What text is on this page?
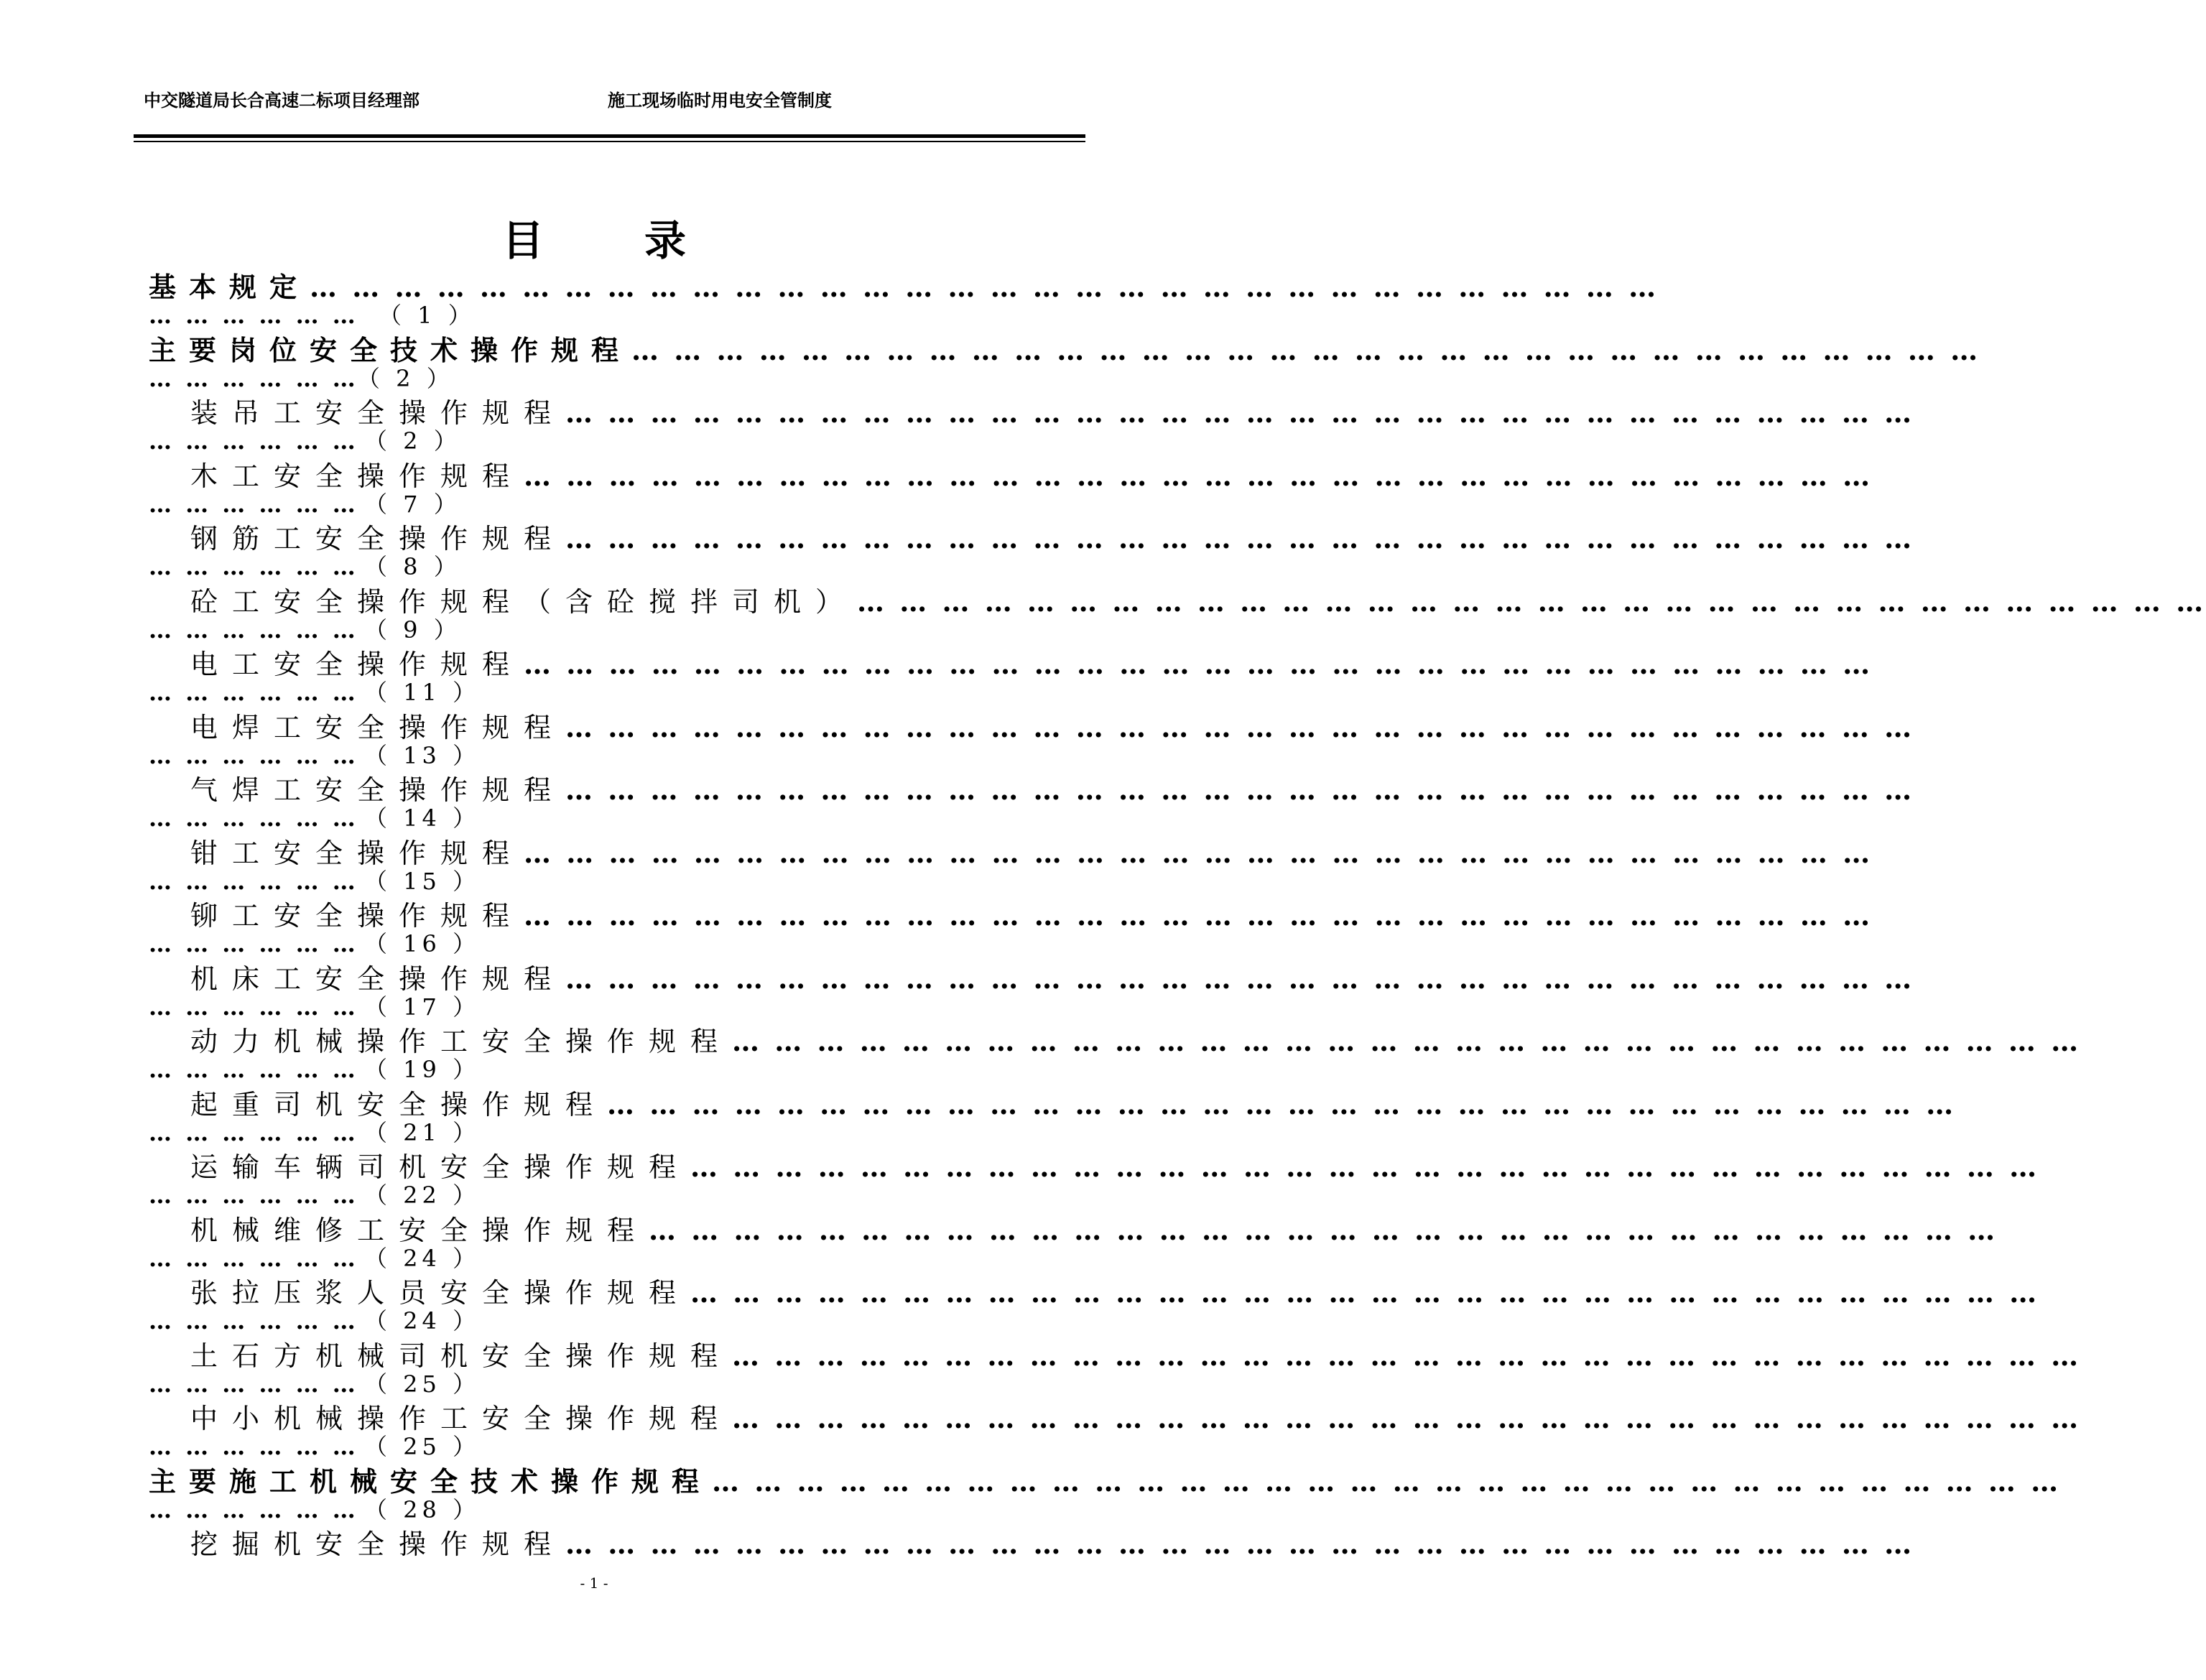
中交隧道局长合高速二标项目经理部	施工现场临时用电安全管制度
目录
基本规定… … … … … … … … … … … … … … … … … … … … … … … … … … … … … … … …
… … … … … … （ 1 ）
主要岗位安全技术操作规程… … … … … … … … … … … … … … … … … … … … … … … … … … … … … … … …
… … … … … …（ 2 ）
装吊工安全操作规程… … … … … … … … … … … … … … … … … … … … … … … … … … … … … … … …
… … … … … … （ 2 ）
木工安全操作规程… … … … … … … … … … … … … … … … … … … … … … … … … … … … … … … …
… … … … … … （ 7 ）
钢筋工安全操作规程… … … … … … … … … … … … … … … … … … … … … … … … … … … … … … … …
… … … … … … （ 8 ）
砼工安全操作规程（含砼搅拌司机）… … … … … … … … … … … … … … … … … … … … … … … … … … … … … … … …
… … … … … … （ 9 ）
电工安全操作规程… … … … … … … … … … … … … … … … … … … … … … … … … … … … … … … …
… … … … … … （ 11 ）
电焊工安全操作规程… … … … … … … … … … … … … … … … … … … … … … … … … … … … … … … …
… … … … … … （ 13 ）
气焊工安全操作规程… … … … … … … … … … … … … … … … … … … … … … … … … … … … … … … …
… … … … … … （ 14 ）
钳工安全操作规程… … … … … … … … … … … … … … … … … … … … … … … … … … … … … … … …
… … … … … … （ 15 ）
铆工安全操作规程… … … … … … … … … … … … … … … … … … … … … … … … … … … … … … … …
… … … … … … （ 16 ）
机床工安全操作规程… … … … … … … … … … … … … … … … … … … … … … … … … … … … … … … …
… … … … … … （ 17 ）
动力机械操作工安全操作规程… … … … … … … … … … … … … … … … … … … … … … … … … … … … … … … …
… … … … … … （ 19 ）
起重司机安全操作规程… … … … … … … … … … … … … … … … … … … … … … … … … … … … … … … …
… … … … … … （ 21 ）
运输车辆司机安全操作规程… … … … … … … … … … … … … … … … … … … … … … … … … … … … … … … …
… … … … … … （ 22 ）
机械维修工安全操作规程… … … … … … … … … … … … … … … … … … … … … … … … … … … … … … … …
… … … … … … （ 24 ）
张拉压浆人员安全操作规程… … … … … … … … … … … … … … … … … … … … … … … … … … … … … … … …
… … … … … … （ 24 ）
土石方机械司机安全操作规程… … … … … … … … … … … … … … … … … … … … … … … … … … … … … … … …
… … … … … … （ 25 ）
中小机械操作工安全操作规程… … … … … … … … … … … … … … … … … … … … … … … … … … … … … … … …
… … … … … … （ 25 ）
主要施工机械安全技术操作规程… … … … … … … … … … … … … … … … … … … … … … … … … … … … … … … …
… … … … … … （ 28 ）
挖掘机安全操作规程… … … … … … … … … … … … … … … … … … … … … … … … … … … … … … … …
- 1 -
